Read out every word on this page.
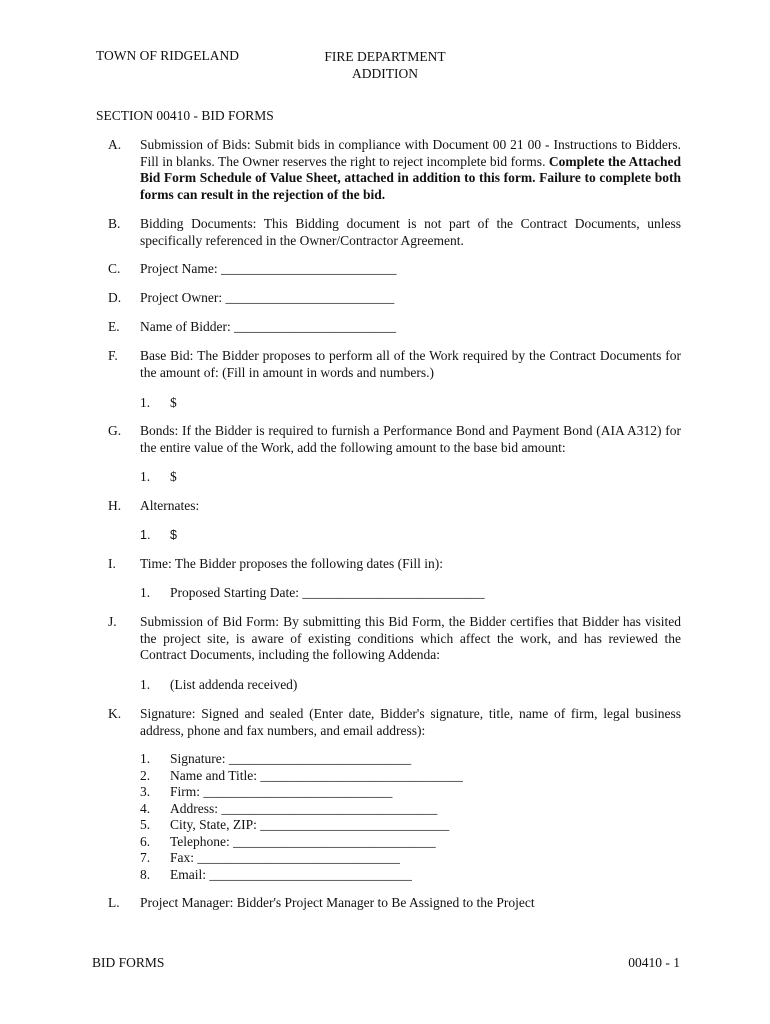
TOWN OF RIDGELAND	FIRE DEPARTMENT
ADDITION
SECTION 00410 - BID FORMS
A.	Submission of Bids: Submit bids in compliance with Document 00 21 00 - Instructions to Bidders. Fill in blanks. The Owner reserves the right to reject incomplete bid forms. Complete the Attached Bid Form Schedule of Value Sheet, attached in addition to this form. Failure to complete both forms can result in the rejection of the bid.
B.	Bidding Documents: This Bidding document is not part of the Contract Documents, unless specifically referenced in the Owner/Contractor Agreement.
C.	Project Name: __________________________
D.	Project Owner: _________________________
E.	Name of Bidder: ________________________
F.	Base Bid: The Bidder proposes to perform all of the Work required by the Contract Documents for the amount of: (Fill in amount in words and numbers.)
1. $
G.	Bonds: If the Bidder is required to furnish a Performance Bond and Payment Bond (AIA A312) for the entire value of the Work, add the following amount to the base bid amount:
1. $
H.	Alternates:
1. $
I.	Time: The Bidder proposes the following dates (Fill in):
1. Proposed Starting Date: ___________________________
J.	Submission of Bid Form: By submitting this Bid Form, the Bidder certifies that Bidder has visited the project site, is aware of existing conditions which affect the work, and has reviewed the Contract Documents, including the following Addenda:
1. (List addenda received)
K.	Signature: Signed and sealed (Enter date, Bidder's signature, title, name of firm, legal business address, phone and fax numbers, and email address):
1. Signature: ___________________________
2. Name and Title: ______________________________
3. Firm: ____________________________
4. Address: ________________________________
5. City, State, ZIP: ____________________________
6. Telephone: ______________________________
7. Fax: ______________________________
8. Email: ______________________________
L.	Project Manager: Bidder's Project Manager to Be Assigned to the Project
BID FORMS	00410 - 1
